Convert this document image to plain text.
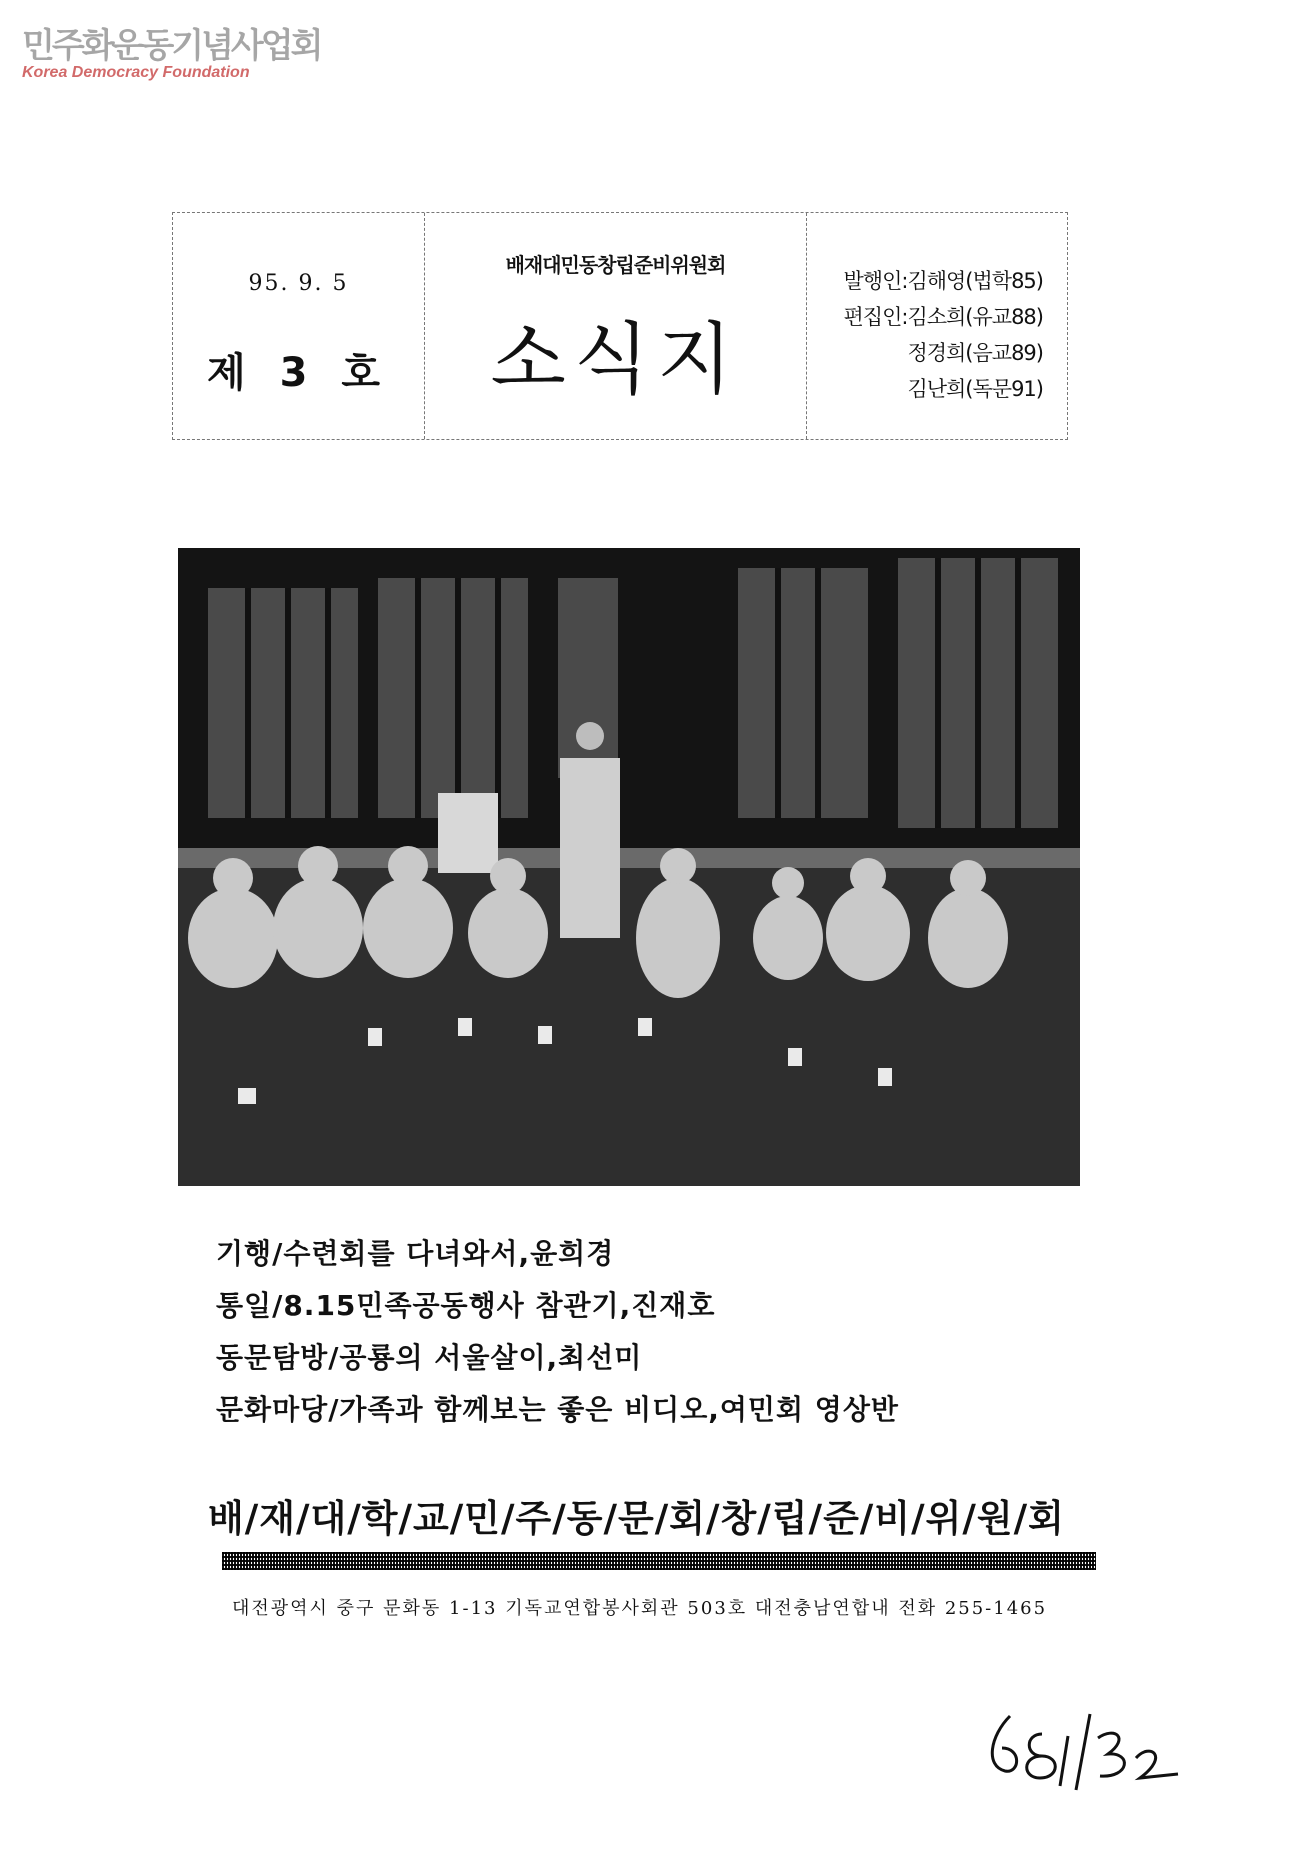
민주화운동기념사업회
Korea Democracy Foundation
95. 9. 5
제 3 호
배재대민동창립준비위원회
소식지
발행인:김해영(법학85)
편집인:김소희(유교88)
정경희(음교89)
김난희(독문91)
기행/수련회를 다녀와서,윤희경
통일/8.15민족공동행사 참관기,진재호
동문탐방/공룡의 서울살이,최선미
문화마당/가족과 함께보는 좋은 비디오,여민회 영상반
배/재/대/학/교/민/주/동/문/회/창/립/준/비/위/원/회
대전광역시 중구 문화동 1-13 기독교연합봉사회관 503호 대전충남연합내 전화 255-1465
